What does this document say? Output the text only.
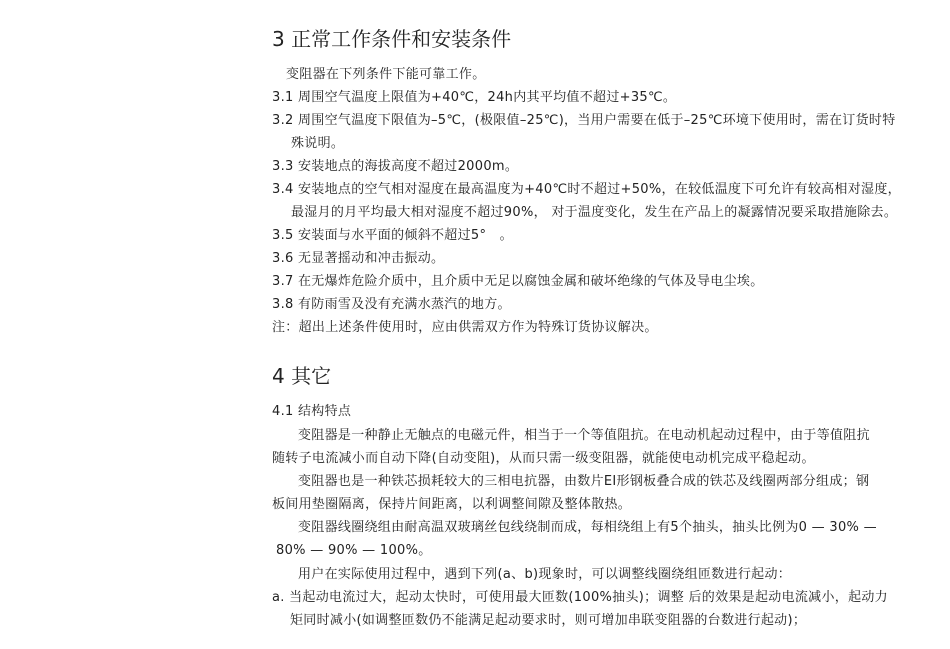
3 正常工作条件和安装条件
变阻器在下列条件下能可靠工作。
3.1 周围空气温度上限值为+40℃，24h内其平均值不超过+35℃。
3.2 周围空气温度下限值为–5℃，(极限值–25℃)，当用户需要在低于–25℃环境下使用时，需在订货时特
殊说明。
3.3 安装地点的海拔高度不超过2000m。
3.4 安装地点的空气相对湿度在最高温度为+40℃时不超过+50%，在较低温度下可允许有较高相对湿度，
最湿月的月平均最大相对湿度不超过90%， 对于温度变化，发生在产品上的凝露情况要采取措施除去。
3.5 安装面与水平面的倾斜不超过5°　。
3.6 无显著摇动和冲击振动。
3.7 在无爆炸危险介质中，且介质中无足以腐蚀金属和破坏绝缘的气体及导电尘埃。
3.8 有防雨雪及没有充满水蒸汽的地方。
注：超出上述条件使用时，应由供需双方作为特殊订货协议解决。
4 其它
4.1 结构特点
变阻器是一种静止无触点的电磁元件，相当于一个等值阻抗。在电动机起动过程中，由于等值阻抗
随转子电流减小而自动下降(自动变阻)，从而只需一级变阻器，就能使电动机完成平稳起动。
变阻器也是一种铁芯损耗较大的三相电抗器，由数片EI形钢板叠合成的铁芯及线圈两部分组成；钢
板间用垫圈隔离，保持片间距离，以利调整间隙及整体散热。
变阻器线圈绕组由耐高温双玻璃丝包线绕制而成，每相绕组上有5个抽头，抽头比例为0 — 30% —
80% — 90% — 100%。
用户在实际使用过程中，遇到下列(a、b)现象时，可以调整线圈绕组匝数进行起动：
a. 当起动电流过大，起动太快时，可使用最大匝数(100%抽头)；调整 后的效果是起动电流减小，起动力
矩同时减小(如调整匝数仍不能满足起动要求时，则可增加串联变阻器的台数进行起动)；
